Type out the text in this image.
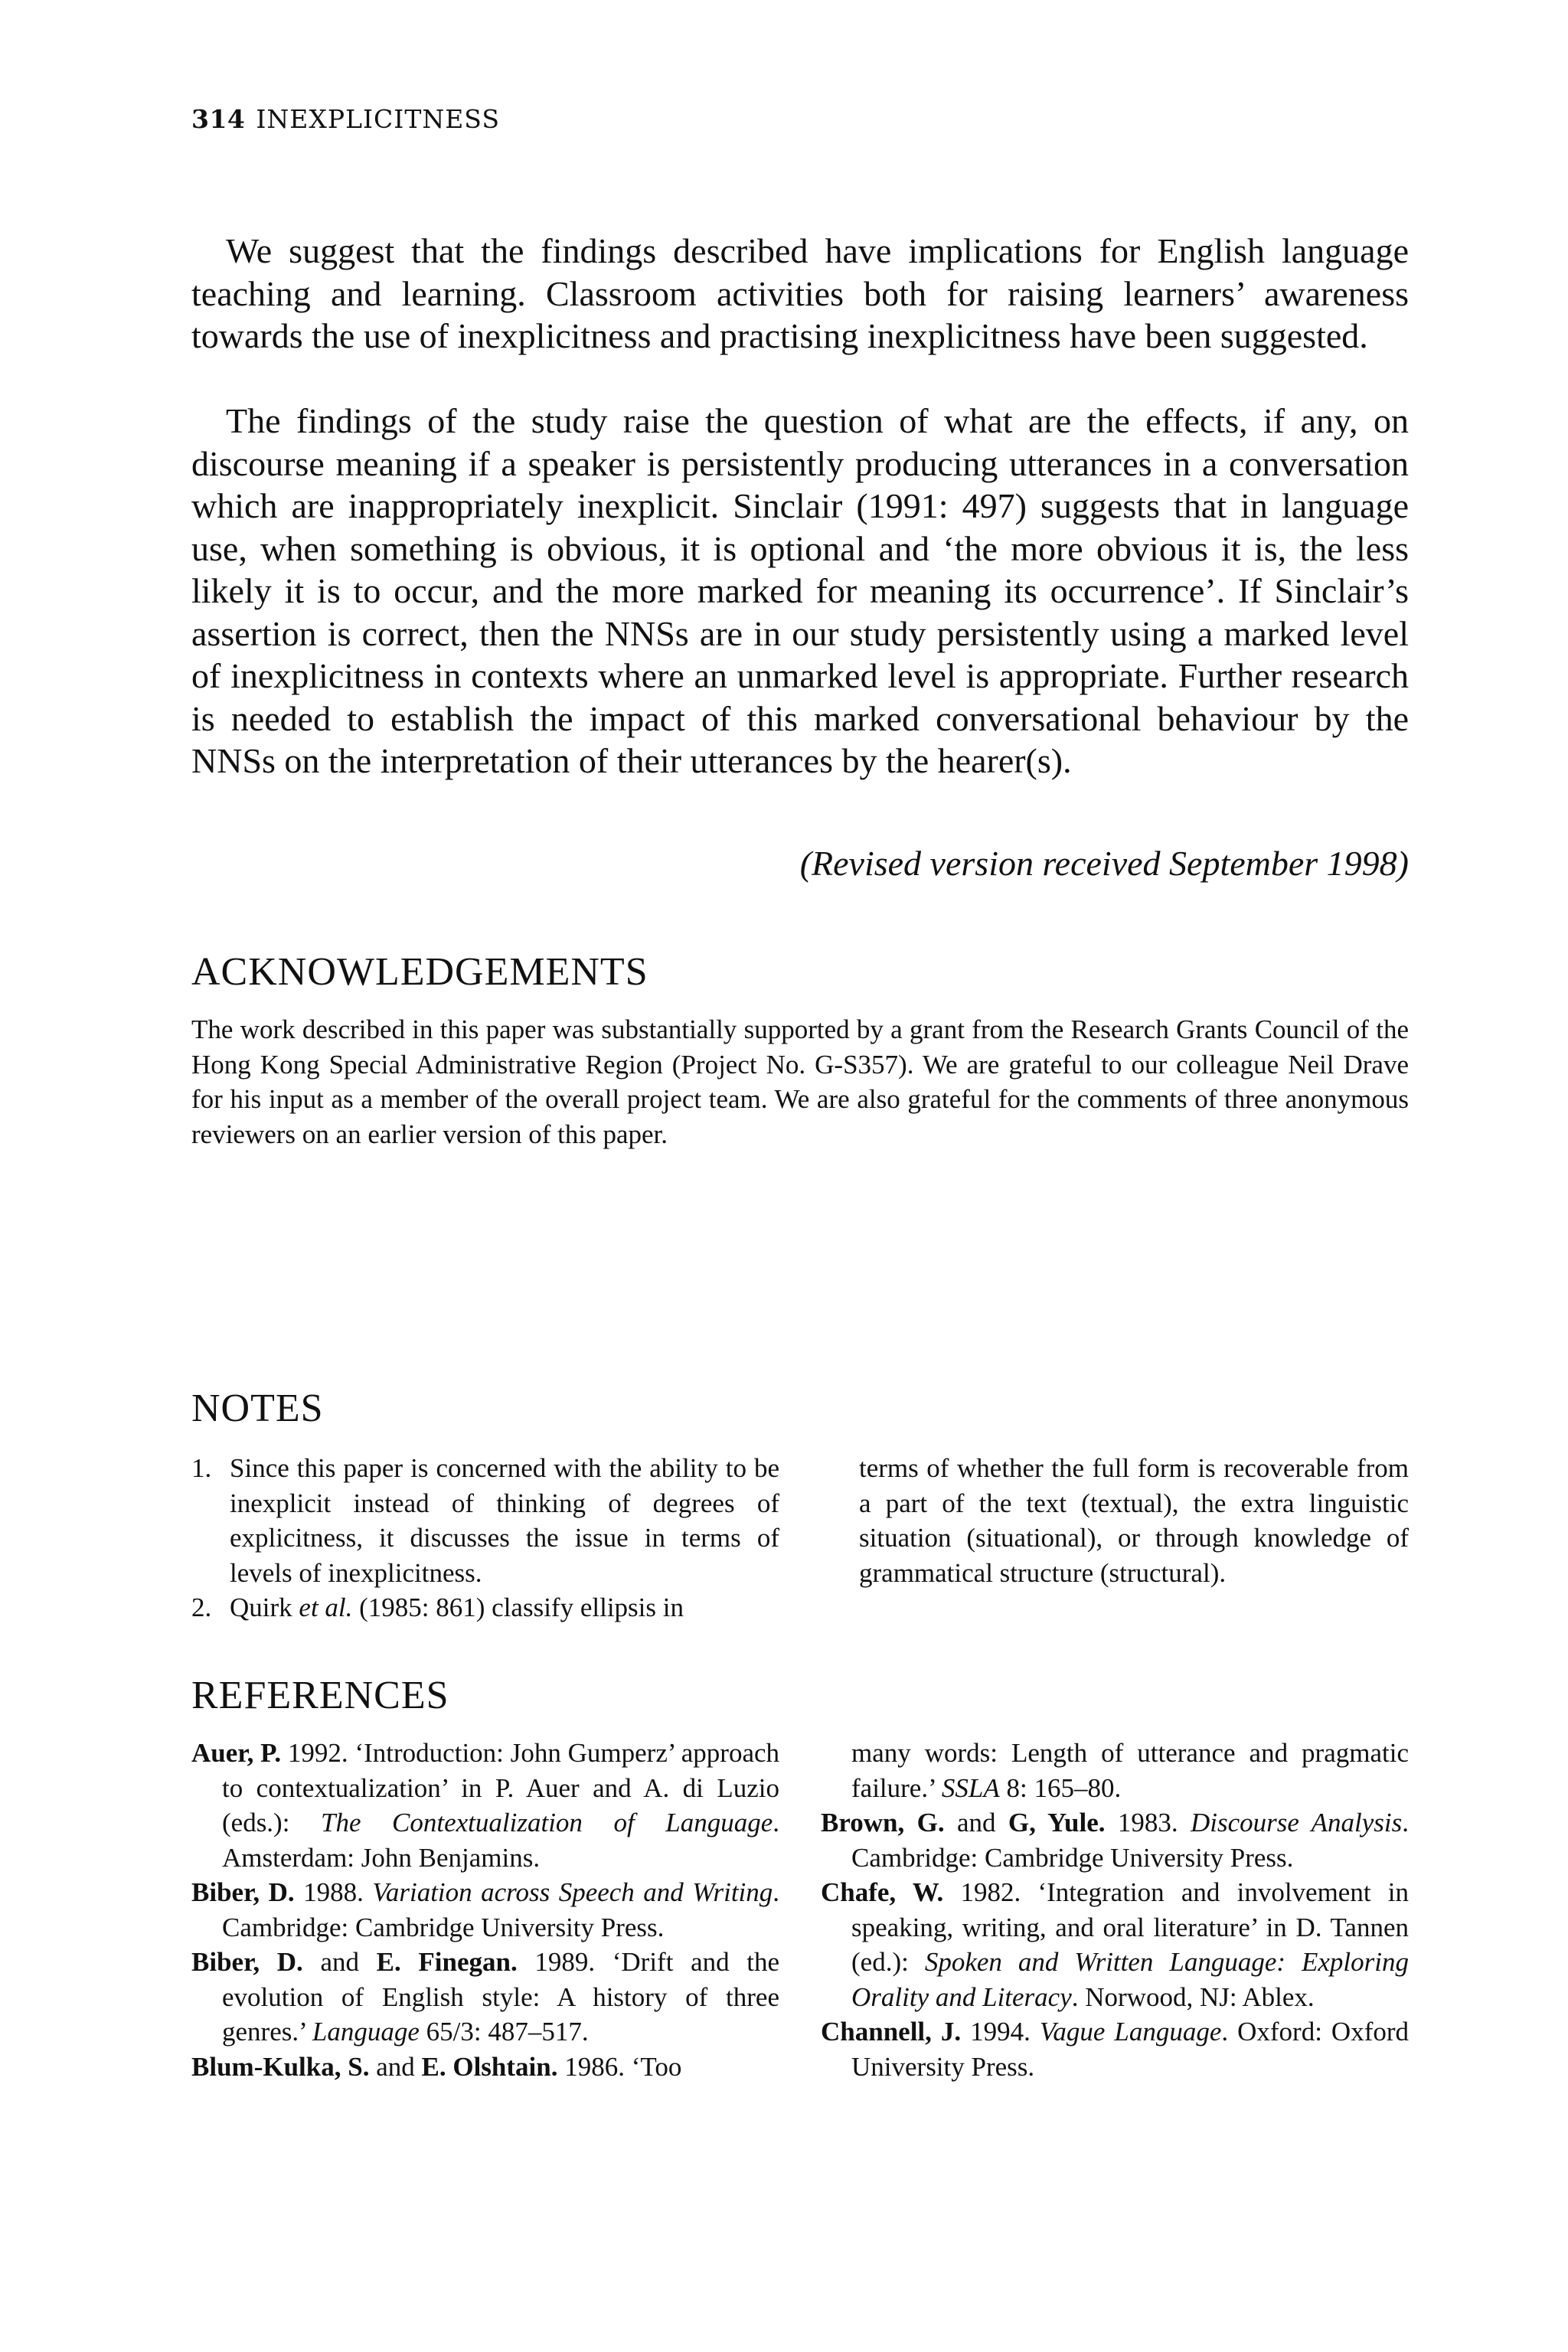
314 INEXPLICITNESS

We suggest that the findings described have implications for English language teaching and learning. Classroom activities both for raising learners’ awareness towards the use of inexplicitness and practising inexplicitness have been suggested.

The findings of the study raise the question of what are the effects, if any, on discourse meaning if a speaker is persistently producing utterances in a conversation which are inappropriately inexplicit. Sinclair (1991: 497) suggests that in language use, when something is obvious, it is optional and ‘the more obvious it is, the less likely it is to occur, and the more marked for meaning its occurrence’. If Sinclair’s assertion is correct, then the NNSs are in our study persistently using a marked level of inexplicitness in contexts where an unmarked level is appropriate. Further research is needed to establish the impact of this marked conversational behaviour by the NNSs on the interpretation of their utterances by the hearer(s).

(Revised version received September 1998)
ACKNOWLEDGEMENTS

The work described in this paper was substantially supported by a grant from the Research Grants Council of the Hong Kong Special Administrative Region (Project No. G-S357). We are grateful to our colleague Neil Drave for his input as a member of the overall project team. We are also grateful for the comments of three anonymous reviewers on an earlier version of this paper.

NOTES
1. Since this paper is concerned with the ability to be inexplicit instead of thinking of degrees of explicitness, it discusses the issue in terms of levels of inexplicitness.
2. Quirk et al. (1985: 861) classify ellipsis in

terms of whether the full form is recoverable from a part of the text (textual), the extra linguistic situation (situational), or through knowledge of grammatical structure (structural).

REFERENCES

Auer, P. 1992. ‘Introduction: John Gumperz’ approach to contextualization’ in P. Auer and A. di Luzio (eds.): The Contextualization of Language. Amsterdam: John Benjamins.

Biber, D. 1988. Variation across Speech and Writing. Cambridge: Cambridge University Press.

Biber, D. and E. Finegan. 1989. ‘Drift and the evolution of English style: A history of three genres.’ Language 65/3: 487–517.

Blum-Kulka, S. and E. Olshtain. 1986. ‘Too

many words: Length of utterance and pragmatic failure.’ SSLA 8: 165–80.

Brown, G. and G, Yule. 1983. Discourse Analysis. Cambridge: Cambridge University Press.

Chafe, W. 1982. ‘Integration and involvement in speaking, writing, and oral literature’ in D. Tannen (ed.): Spoken and Written Language: Exploring Orality and Literacy. Norwood, NJ: Ablex.

Channell, J. 1994. Vague Language. Oxford: Oxford University Press.
